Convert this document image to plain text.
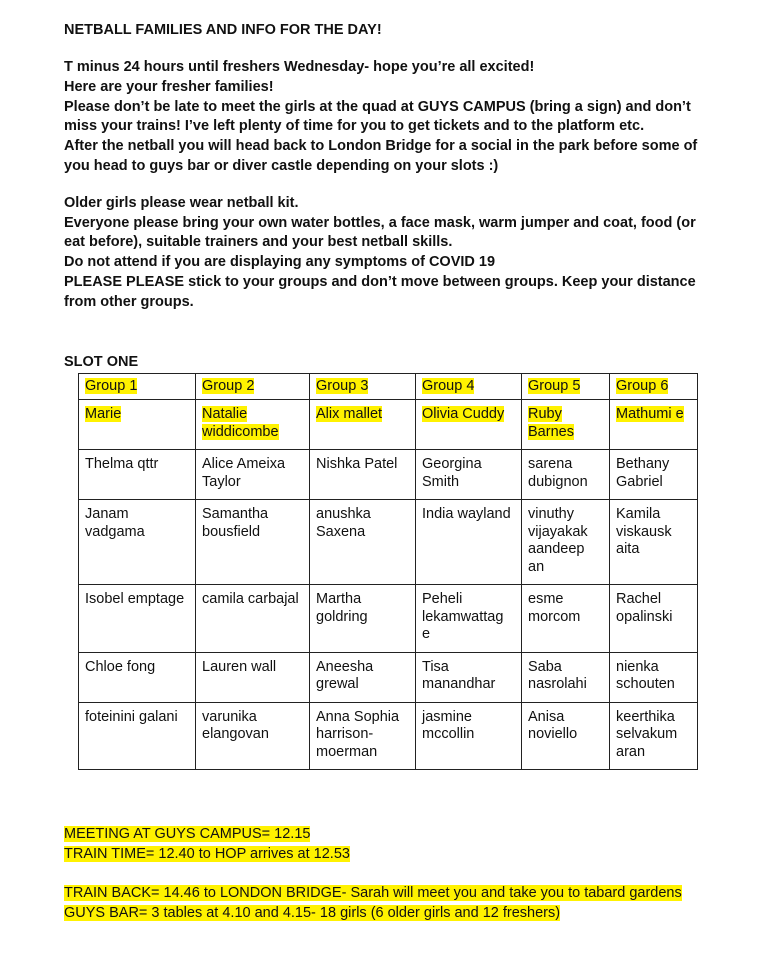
NETBALL FAMILIES AND INFO FOR THE DAY!

T minus 24 hours until freshers Wednesday- hope you’re all excited!

Here are your fresher families!

Please don’t be late to meet the girls at the quad at GUYS CAMPUS (bring a sign) and don’t miss your trains! I’ve left plenty of time for you to get tickets and to the platform etc.

After the netball you will head back to London Bridge for a social in the park before some of you head to guys bar or diver castle depending on your slots :)

Older girls please wear netball kit.

Everyone please bring your own water bottles, a face mask, warm jumper and coat, food (or eat before), suitable trainers and your best netball skills.

Do not attend if you are displaying any symptoms of COVID 19

PLEASE PLEASE stick to your groups and don’t move between groups. Keep your distance from other groups.

SLOT ONE
Group 1	Group 2	Group 3	Group 4	Group 5	Group 6
Marie	Natalie widdicombe	Alix mallet	Olivia Cuddy	Ruby Barnes	Mathumi e
Thelma qttr	Alice Ameixa Taylor	Nishka Patel	Georgina Smith	sarena dubignon	Bethany Gabriel
Janam vadgama	Samantha bousfield	anushka Saxena	India wayland	vinuthy vijayakak aandeep an	Kamila viskausk aita
Isobel emptage	camila carbajal	Martha goldring	Peheli lekamwattag e	esme morcom	Rachel opalinski
Chloe fong	Lauren wall	Aneesha grewal	Tisa manandhar	Saba nasrolahi	nienka schouten
foteinini galani	varunika elangovan	Anna Sophia harrison-moerman	jasmine mccollin	Anisa noviello	keerthika selvakum aran

MEETING AT GUYS CAMPUS= 12.15

TRAIN TIME= 12.40 to HOP arrives at 12.53

TRAIN BACK= 14.46 to LONDON BRIDGE- Sarah will meet you and take you to tabard gardens

GUYS BAR= 3 tables at 4.10 and 4.15- 18 girls (6 older girls and 12 freshers)
